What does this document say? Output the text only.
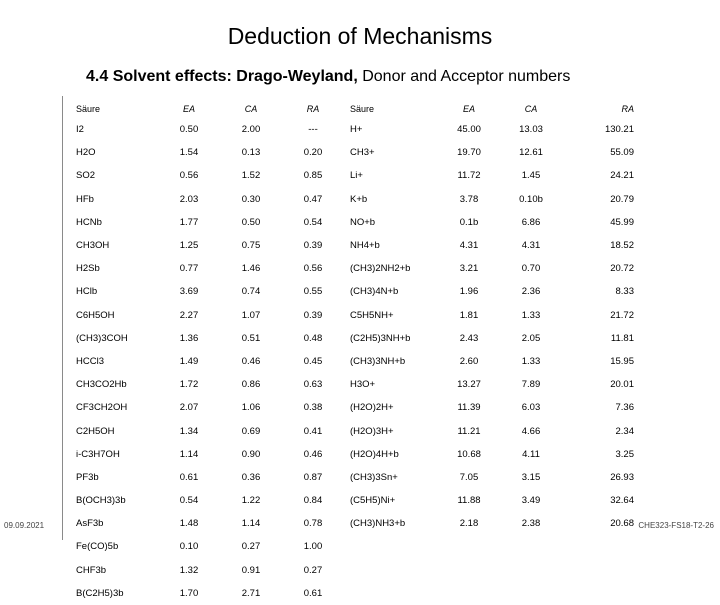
Deduction of Mechanisms
4.4 Solvent effects: Drago-Weyland, Donor and Acceptor numbers
Säure	EA	CA	RA	Säure	EA	CA	RA
I2	0.50	2.00	---	H+	45.00	13.03	130.21
H2O	1.54	0.13	0.20	CH3+	19.70	12.61	55.09
SO2	0.56	1.52	0.85	Li+	11.72	1.45	24.21
HFb	2.03	0.30	0.47	K+b	3.78	0.10b	20.79
HCNb	1.77	0.50	0.54	NO+b	0.1b	6.86	45.99
CH3OH	1.25	0.75	0.39	NH4+b	4.31	4.31	18.52
H2Sb	0.77	1.46	0.56	(CH3)2NH2+b	3.21	0.70	20.72
HClb	3.69	0.74	0.55	(CH3)4N+b	1.96	2.36	8.33
C6H5OH	2.27	1.07	0.39	C5H5NH+	1.81	1.33	21.72
(CH3)3COH	1.36	0.51	0.48	(C2H5)3NH+b	2.43	2.05	11.81
HCCl3	1.49	0.46	0.45	(CH3)3NH+b	2.60	1.33	15.95
CH3CO2Hb	1.72	0.86	0.63	H3O+	13.27	7.89	20.01
CF3CH2OH	2.07	1.06	0.38	(H2O)2H+	11.39	6.03	7.36
C2H5OH	1.34	0.69	0.41	(H2O)3H+	11.21	4.66	2.34
i-C3H7OH	1.14	0.90	0.46	(H2O)4H+b	10.68	4.11	3.25
PF3b	0.61	0.36	0.87	(CH3)3Sn+	7.05	3.15	26.93
B(OCH3)3b	0.54	1.22	0.84	(C5H5)Ni+	11.88	3.49	32.64
AsF3b	1.48	1.14	0.78	(CH3)NH3+b	2.18	2.38	20.68
Fe(CO)5b	0.10	0.27	1.00				
CHF3b	1.32	0.91	0.27				
B(C2H5)3b	1.70	2.71	0.61				
09.09.2021	CHE323-FS18-T2-26
